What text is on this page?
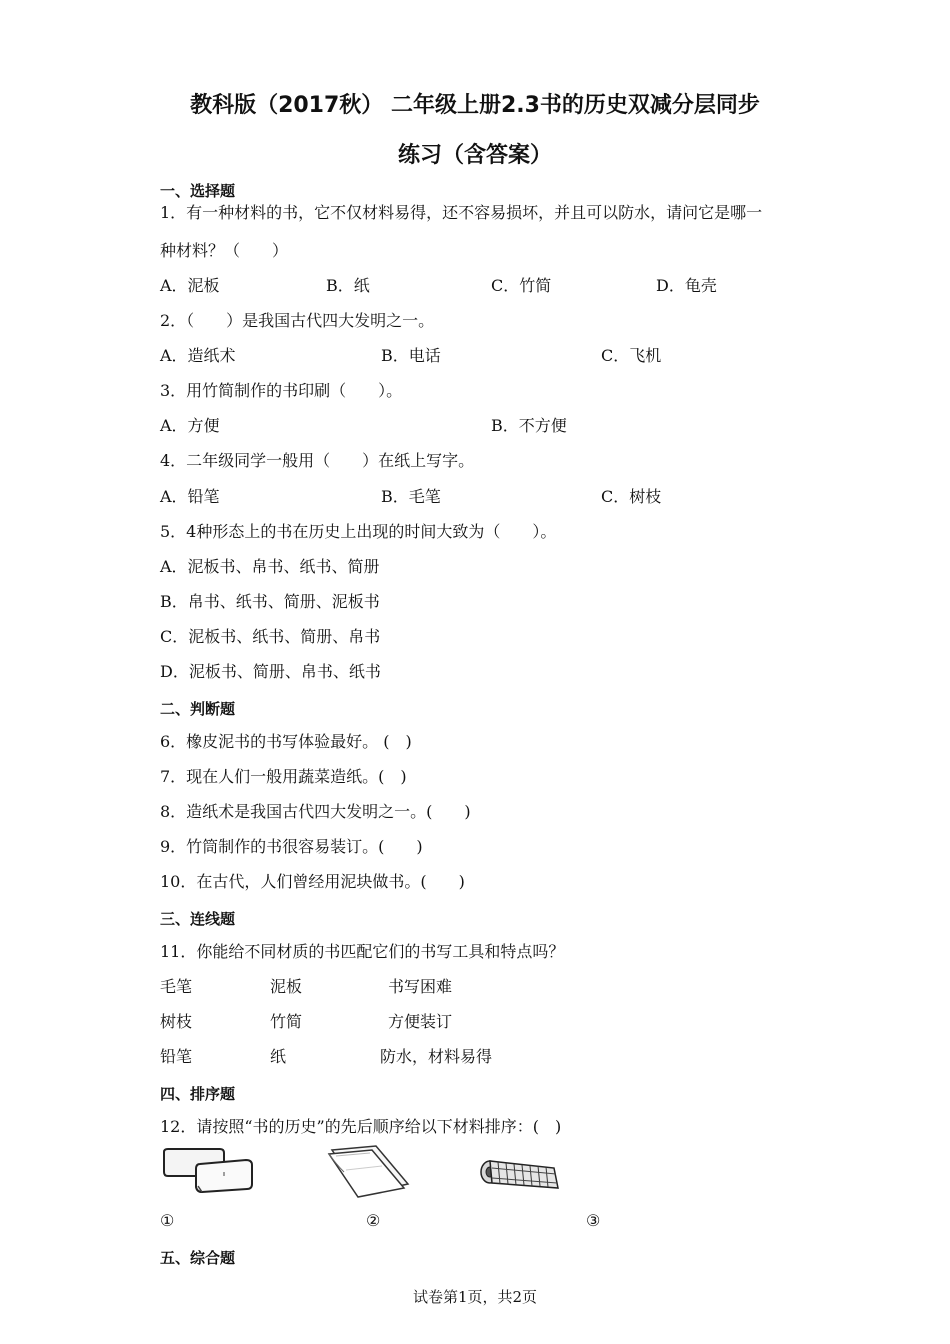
教科版（2017秋） 二年级上册2.3书的历史双减分层同步
练习（含答案）
一、选择题
1．有一种材料的书，它不仅材料易得，还不容易损坏，并且可以防水，请问它是哪一
种材料？（　　）
A．泥板	B．纸	C．竹简	D．龟壳
2．（　　）是我国古代四大发明之一。
A．造纸术	B．电话	C．飞机
3．用竹简制作的书印刷（　　）。
A．方便	B．不方便
4．二年级同学一般用（　　）在纸上写字。
A．铅笔	B．毛笔	C．树枝
5．4种形态上的书在历史上出现的时间大致为（　　）。
A．泥板书、帛书、纸书、简册
B．帛书、纸书、简册、泥板书
C．泥板书、纸书、简册、帛书
D．泥板书、简册、帛书、纸书
二、判断题
6．橡皮泥书的书写体验最好。 (　)
7．现在人们一般用蔬菜造纸。(　)
8．造纸术是我国古代四大发明之一。(　　)
9．竹筒制作的书很容易装订。(　　)
10．在古代，人们曾经用泥块做书。(　　)
三、连线题
11．你能给不同材质的书匹配它们的书写工具和特点吗？
毛笔	泥板	书写困难
树枝	竹简	方便装订
铅笔	纸	防水，材料易得
四、排序题
12．请按照“书的历史”的先后顺序给以下材料排序：(　)
①	②	③
五、综合题
试卷第1页，共2页
